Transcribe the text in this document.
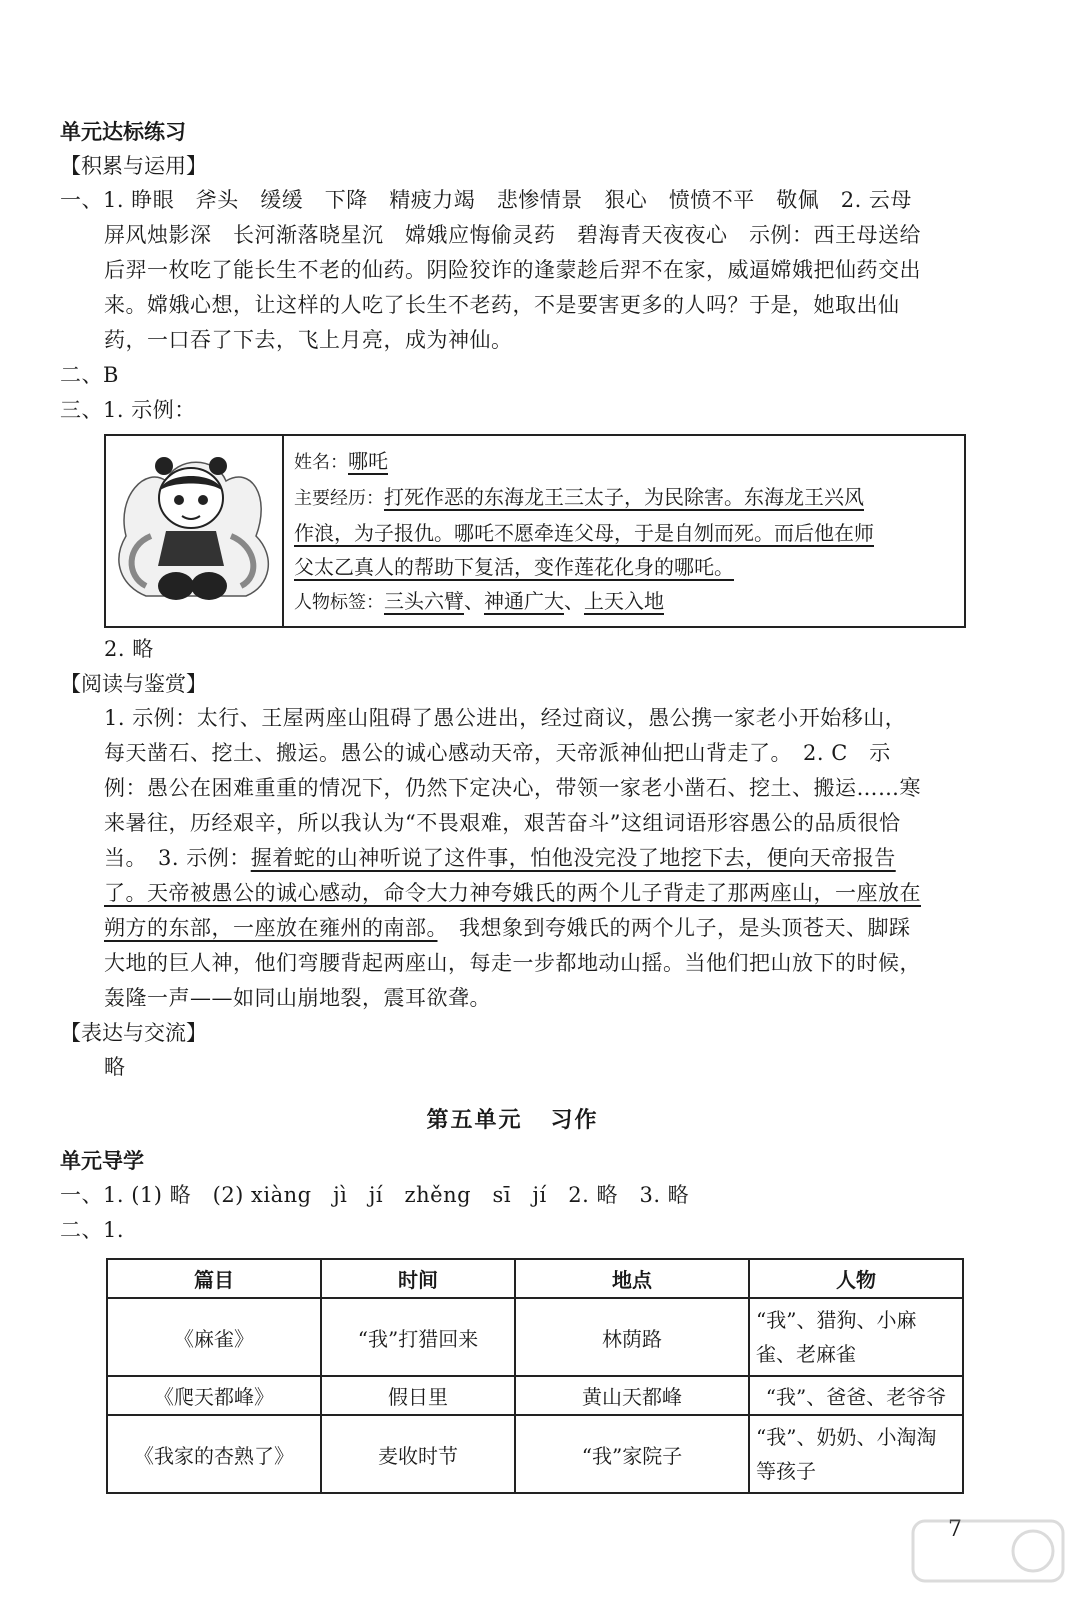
单元达标练习
【积累与运用】

一、1. 睁眼　斧头　缓缓　下降　精疲力竭　悲惨情景　狠心　愤愤不平　敬佩　2. 云母

屏风烛影深　长河渐落晓星沉　嫦娥应悔偷灵药　碧海青天夜夜心　示例：西王母送给

后羿一枚吃了能长生不老的仙药。阴险狡诈的逢蒙趁后羿不在家，威逼嫦娥把仙药交出

来。嫦娥心想，让这样的人吃了长生不老药，不是要害更多的人吗？于是，她取出仙

药，一口吞了下去，飞上月亮，成为神仙。

二、B

三、1. 示例：

姓名：哪吒
主要经历：打死作恶的东海龙王三太子，为民除害。东海龙王兴风
作浪，为子报仇。哪吒不愿牵连父母，于是自刎而死。而后他在师
父太乙真人的帮助下复活，变作莲花化身的哪吒。
人物标签：三头六臂、神通广大、上天入地

2. 略

【阅读与鉴赏】

1. 示例：太行、王屋两座山阻碍了愚公进出，经过商议，愚公携一家老小开始移山，

每天凿石、挖土、搬运。愚公的诚心感动天帝，天帝派神仙把山背走了。　2. C　示

例：愚公在困难重重的情况下，仍然下定决心，带领一家老小凿石、挖土、搬运……寒

来暑往，历经艰辛，所以我认为“不畏艰难，艰苦奋斗”这组词语形容愚公的品质很恰

当。　3. 示例：握着蛇的山神听说了这件事，怕他没完没了地挖下去，便向天帝报告

了。天帝被愚公的诚心感动，命令大力神夸娥氏的两个儿子背走了那两座山，一座放在

朔方的东部，一座放在雍州的南部。　我想象到夸娥氏的两个儿子，是头顶苍天、脚踩

大地的巨人神，他们弯腰背起两座山，每走一步都地动山摇。当他们把山放下的时候，

轰隆一声——如同山崩地裂，震耳欲聋。

【表达与交流】

略

第五单元 习作
单元导学

一、1. (1) 略　(2) xiàng　jì　jí　zhěng　sī　jí　2. 略　3. 略

二、1.

篇目	时间	地点	人物
《麻雀》	“我”打猎回来	林荫路	“我”、猎狗、小麻雀、老麻雀
《爬天都峰》	假日里	黄山天都峰	“我”、爸爸、老爷爷
《我家的杏熟了》	麦收时节	“我”家院子	“我”、奶奶、小淘淘等孩子
7
